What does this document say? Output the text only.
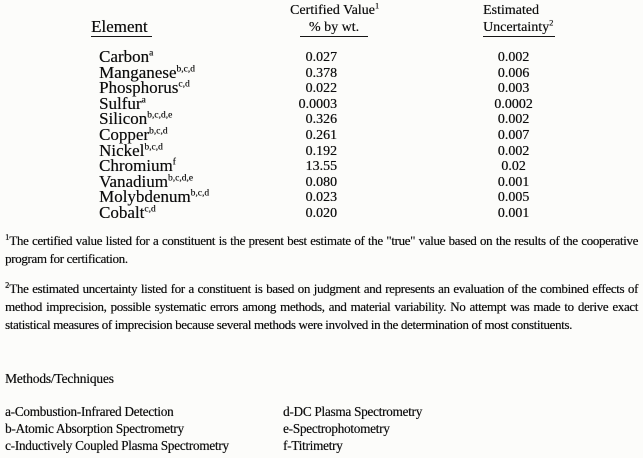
Element
Certified Value$^1$
% by wt.
Estimated
Uncertainty$^2$
Carbon$^a$	0.027	0.002
Manganese$^{b,c,d}$	0.378	0.006
Phosphorus$^{c,d}$	0.022	0.003
Sulfur$^a$	0.0003	0.0002
Silicon$^{b,c,d,e}$	0.326	0.002
Copper$^{b,c,d}$	0.261	0.007
Nickel$^{b,c,d}$	0.192	0.002
Chromium$^f$	13.55	0.02
Vanadium$^{b,c,d,e}$	0.080	0.001
Molybdenum$^{b,c,d}$	0.023	0.005
Cobalt$^{c,d}$	0.020	0.001

$^1$The certified value listed for a constituent is the present best estimate of the "true" value based on the results of the cooperative program for certification.

$^2$The estimated uncertainty listed for a constituent is based on judgment and represents an evaluation of the combined effects of method imprecision, possible systematic errors among methods, and material variability. No attempt was made to derive exact statistical measures of imprecision because several methods were involved in the determination of most constituents.

Methods/Techniques
a-Combustion-Infrared Detection
b-Atomic Absorption Spectrometry
c-Inductively Coupled Plasma Spectrometry
d-DC Plasma Spectrometry
e-Spectrophotometry
f-Titrimetry
